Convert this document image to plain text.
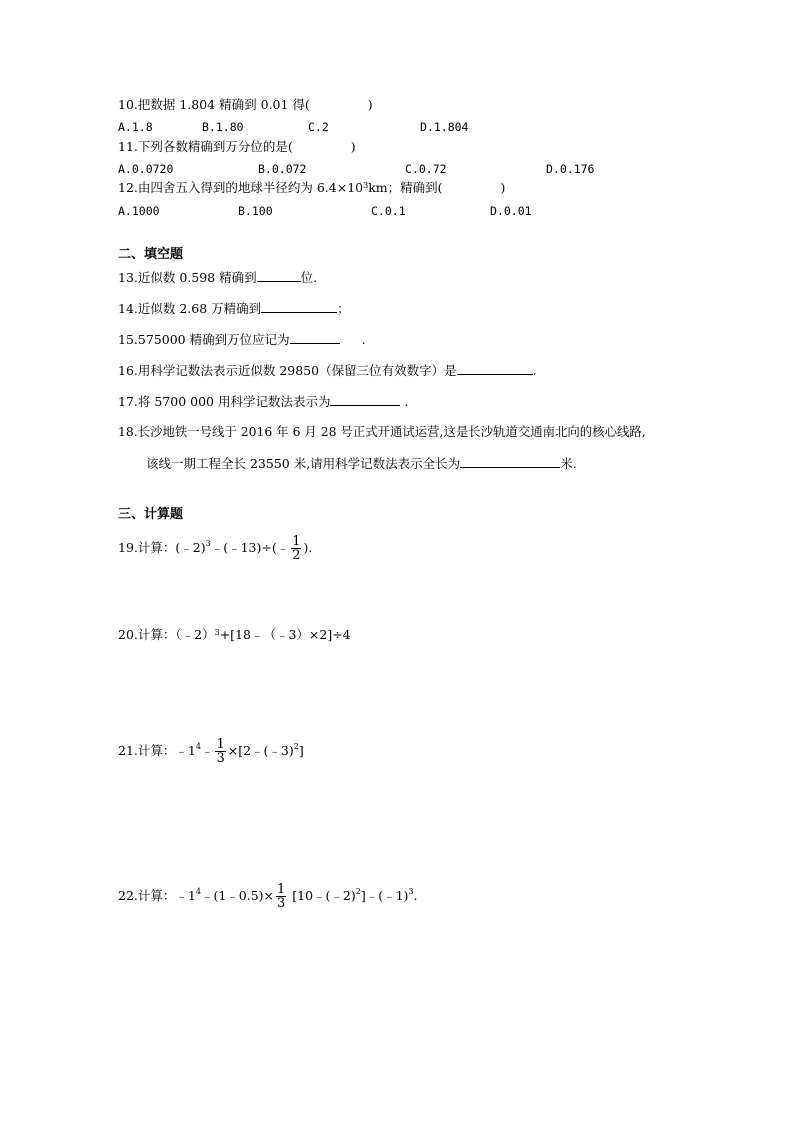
10.把数据 1.804 精确到 0.01 得(	)
A.1.8	B.1.80	C.2	D.1.804
11.下列各数精确到万分位的是(	)
A.0.0720	B.0.072	C.0.72	D.0.176
12.由四舍五入得到的地球半径约为 $6.4\times 10^3km$；精确到(	)
A.1000	B.100	C.0.1	D.0.01
二、填空题
13.近似数 0.598 精确到	位.
14.近似数 2.68 万精确到	；
15.575000 精确到万位应记为	.
16.用科学记数法表示近似数 29850（保留三位有效数字）是	.
17.将 5700 000 用科学记数法表示为	.
18.长沙地铁一号线于 2016 年 6 月 28 号正式开通试运营,这是长沙轨道交通南北向的核心线路,
该线一期工程全长 23550 米,请用科学记数法表示全长为	米.
三、计算题
19.计算：(﹣2)$^3$﹣(﹣13)÷(﹣ $\frac{1}{2}$ ).
20.计算：（﹣2）$^3$+[18﹣（﹣3）×2]÷4
21.计算：$﹣1^4﹣ \frac{1}{3}$ ×[2﹣(﹣3)$^2$]
22.计算：$﹣1^4﹣(1﹣0.5)\times \frac{1}{3}$ [10﹣(﹣2)$^2$]﹣(﹣1)$^3$.
